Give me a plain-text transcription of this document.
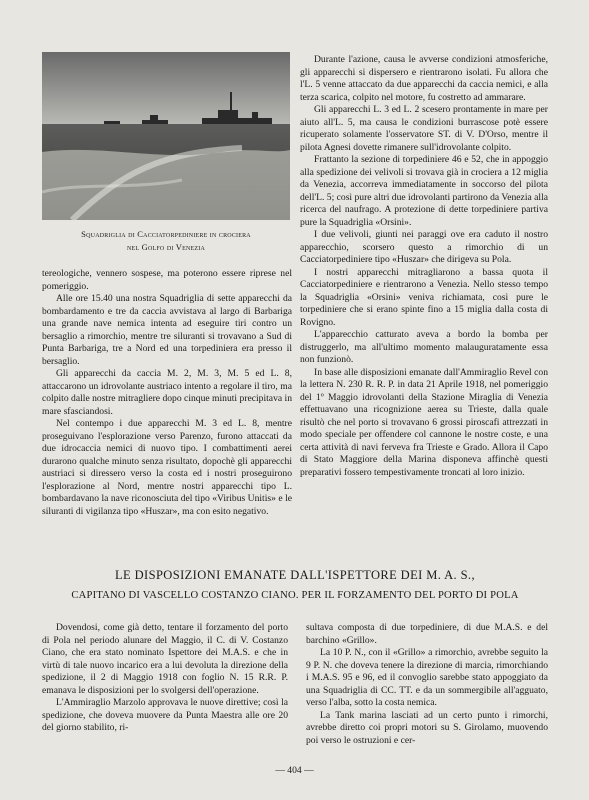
Squadriglia di Cacciatorpediniere in crociera
nel Golfo di Venezia

tereologiche, vennero sospese, ma poterono essere riprese nel pomeriggio.

Alle ore 15.40 una nostra Squadriglia di sette apparecchi da bombardamento e tre da caccia avvistava al largo di Barbariga una grande nave nemica intenta ad eseguire tiri contro un bersaglio a rimorchio, mentre tre siluranti si trovavano a Sud di Punta Barbariga, tre a Nord ed una torpediniera era presso il bersaglio.

Gli apparecchi da caccia M. 2, M. 3, M. 5 ed L. 8, attaccarono un idrovolante austriaco intento a regolare il tiro, ma colpito dalle nostre mitragliere dopo cinque minuti precipitava in mare sfasciandosi.

Nel contempo i due apparecchi M. 3 ed L. 8, mentre proseguivano l'esplorazione verso Parenzo, furono attaccati da due idrocaccia nemici di nuovo tipo. I combattimenti aerei durarono qualche minuto senza risultato, dopochè gli apparecchi austriaci si diressero verso la costa ed i nostri proseguirono l'esplorazione al Nord, mentre nostri apparecchi tipo L. bombardavano la nave riconosciuta del tipo «Viribus Unitis» e le siluranti di vigilanza tipo «Huszar», ma con esito negativo.

Durante l'azione, causa le avverse condizioni atmosferiche, gli apparecchi si dispersero e rientrarono isolati. Fu allora che l'L. 5 venne attaccato da due apparecchi da caccia nemici, e alla terza scarica, colpito nel motore, fu costretto ad ammarare.

Gli apparecchi L. 3 ed L. 2 scesero prontamente in mare per aiuto all'L. 5, ma causa le condizioni burrascose potè essere ricuperato solamente l'osservatore ST. di V. D'Orso, mentre il pilota Agnesi dovette rimanere sull'idrovolante colpito.

Frattanto la sezione di torpediniere 46 e 52, che in appoggio alla spedizione dei velivoli si trovava già in crociera a 12 miglia da Venezia, accorreva immediatamente in soccorso del pilota dell'L. 5; così pure altri due idrovolanti partirono da Venezia alla ricerca del naufrago. A protezione di dette torpediniere partiva pure la Squadriglia «Orsini».

I due velivoli, giunti nei paraggi ove era caduto il nostro apparecchio, scorsero questo a rimorchio di un Cacciatorpediniere tipo «Huszar» che dirigeva su Pola.

I nostri apparecchi mitragliarono a bassa quota il Cacciatorpediniere e rientrarono a Venezia. Nello stesso tempo la Squadriglia «Orsini» veniva richiamata, così pure le torpediniere che si erano spinte fino a 15 miglia dalla costa di Rovigno.

L'apparecchio catturato aveva a bordo la bomba per distruggerlo, ma all'ultimo momento malauguratamente essa non funzionò.

In base alle disposizioni emanate dall'Ammiraglio Revel con la lettera N. 230 R. R. P. in data 21 Aprile 1918, nel pomeriggio del 1º Maggio idrovolanti della Stazione Miraglia di Venezia effettuavano una ricognizione aerea su Trieste, dalla quale risultò che nel porto si trovavano 6 grossi piroscafi attrezzati in modo speciale per offendere col cannone le nostre coste, e una certa attività di navi ferveva fra Trieste e Grado. Allora il Capo di Stato Maggiore della Marina disponeva affinchè questi preparativi fossero tempestivamente troncati al loro inizio.

LE DISPOSIZIONI EMANATE DALL'ISPETTORE DEI M. A. S.,
CAPITANO DI VASCELLO COSTANZO CIANO. PER IL FORZAMENTO DEL PORTO DI POLA

Dovendosi, come già detto, tentare il forzamento del porto di Pola nel periodo alunare del Maggio, il C. di V. Costanzo Ciano, che era stato nominato Ispettore dei M.A.S. e che in virtù di tale nuovo incarico era a lui devoluta la direzione della spedizione, il 2 di Maggio 1918 con foglio N. 15 R.R. P. emanava le disposizioni per lo svolgersi dell'operazione.

L'Ammiraglio Marzolo approvava le nuove direttive; così la spedizione, che doveva muovere da Punta Maestra alle ore 20 del giorno stabilito, ri-

sultava composta di due torpediniere, di due M.A.S. e del barchino «Grillo».

La 10 P. N., con il «Grillo» a rimorchio, avrebbe seguito la 9 P. N. che doveva tenere la direzione di marcia, rimorchiando i M.A.S. 95 e 96, ed il convoglio sarebbe stato appoggiato da una Squadriglia di CC. TT. e da un sommergibile all'agguato, verso l'alba, sotto la costa nemica.

La Tank marina lasciati ad un certo punto i rimorchi, avrebbe diretto coi propri motori su S. Girolamo, muovendo poi verso le ostruzioni e cer-

— 404 —
